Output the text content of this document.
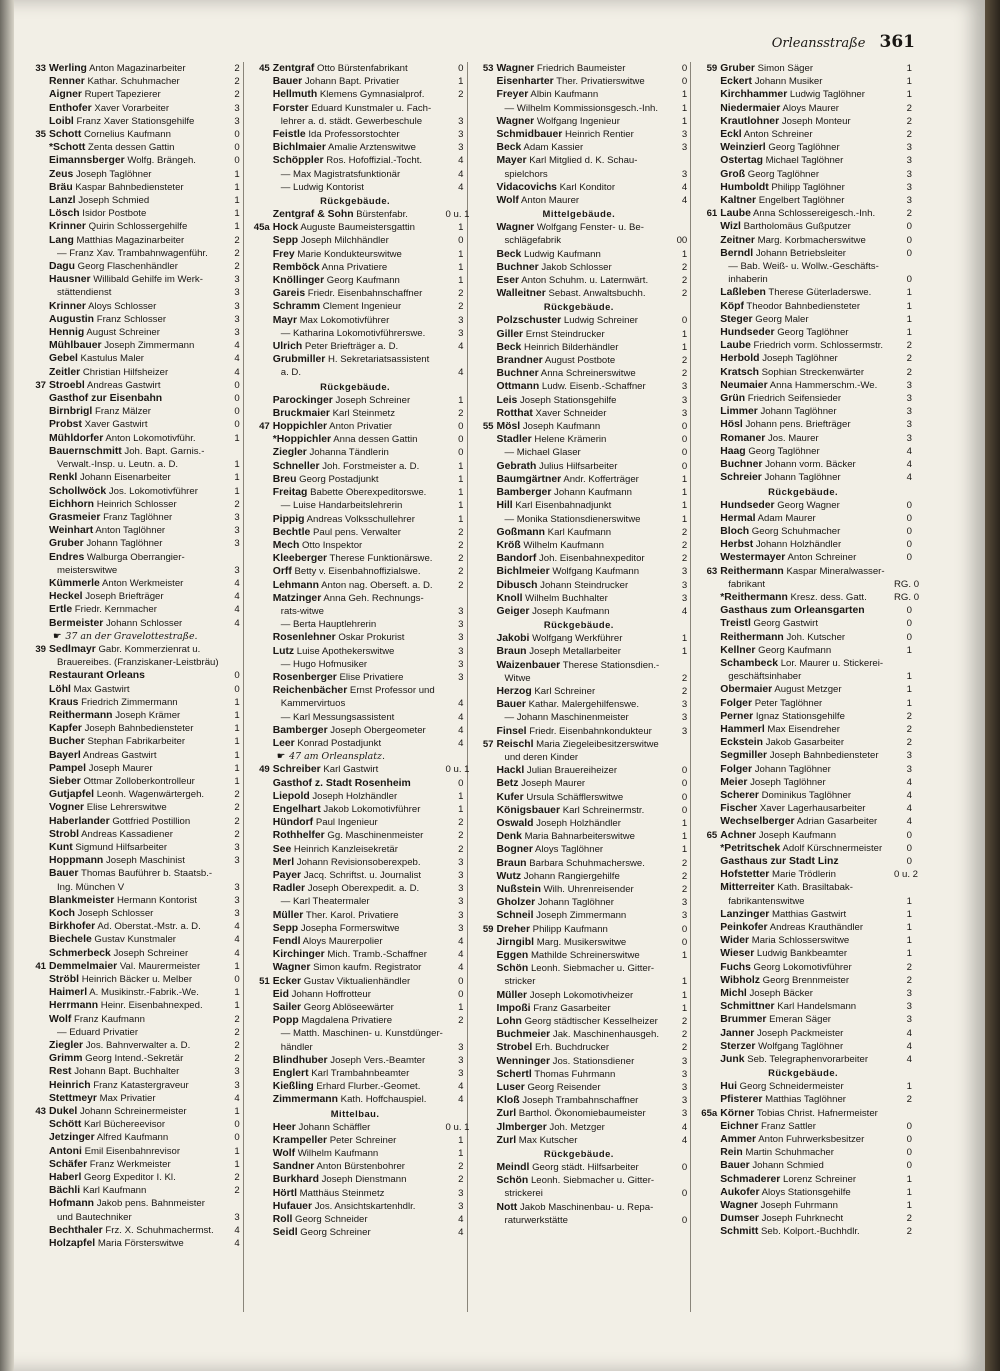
Orleansstraße 361
33 Werling Anton Magazinarbeiter	2
Renner Kathar. Schuhmacher	2
Aigner Rupert Tapezierer	2
Enthofer Xaver Vorarbeiter	3
Loibl Franz Xaver Stationsgehilfe	3
35 Schott Cornelius Kaufmann	0
*Schott Zenta dessen Gattin	0
Eimannsberger Wolfg. Brängeh.	0
Zeus Joseph Taglöhner	1
Bräu Kaspar Bahnbediensteter	1
Lanzl Joseph Schmied	1
Lösch Isidor Postbote	1
Krinner Quirin Schlossergehilfe	1
Lang Matthias Magazinarbeiter	2
— Franz Xav. Trambahnwagenführ.	2
Dagu Georg Flaschenhändler	2
Hausner Willibald Gehilfe im Werk-	3
stättendienst	3
Krinner Aloys Schlosser	3
Augustin Franz Schlosser	3
Hennig August Schreiner	3
Mühlbauer Joseph Zimmermann	4
Gebel Kastulus Maler	4
Zeitler Christian Hilfsheizer	4
37 Stroebl Andreas Gastwirt	0
Gasthof zur Eisenbahn	0
Birnbrigl Franz Mälzer	0
Probst Xaver Gastwirt	0
Mühldorfer Anton Lokomotivführ.	1
Bauernschmitt Joh. Bapt. Garnis.-
Verwalt.-Insp. u. Leutn. a. D.	1
Renkl Johann Eisenarbeiter	1
Schollwöck Jos. Lokomotivführer	1
Eichhorn Heinrich Schlosser	2
Grasmeier Franz Taglöhner	3
Weinhart Anton Taglöhner	3
Gruber Johann Taglöhner	3
Endres Walburga Oberrangier-
meisterswitwe	3
Kümmerle Anton Werkmeister	4
Heckel Joseph Briefträger	4
Ertle Friedr. Kernmacher	4
Bermeister Johann Schlosser	4
☛ 37 an der Gravelottestraße.
39 Sedlmayr Gabr. Kommerzienrat u.
Brauereibes. (Franziskaner-Leistbräu)
Restaurant Orleans	0
Löhl Max Gastwirt	0
Kraus Friedrich Zimmermann	1
Reithermann Joseph Krämer	1
Kapfer Joseph Bahnbediensteter	1
Bucher Stephan Fabrikarbeiter	1
Bayerl Andreas Gastwirt	1
Pampel Joseph Maurer	1
Sieber Ottmar Zolloberkontrolleur	1
Gutjapfel Leonh. Wagenwärtergeh.	2
Vogner Elise Lehrerswitwe	2
Haberlander Gottfried Postillion	2
Strobl Andreas Kassadiener	2
Kunt Sigmund Hilfsarbeiter	3
Hoppmann Joseph Maschinist	3
Bauer Thomas Bauführer b. Staatsb.-
Ing. München V	3
Blankmeister Hermann Kontorist	3
Koch Joseph Schlosser	3
Birkhofer Ad. Oberstat.-Mstr. a. D.	4
Biechele Gustav Kunstmaler	4
Schmerbeck Joseph Schreiner	4
41 Demmelmaier Val. Maurermeister	1
Ströbl Heinrich Bäcker u. Melber	0
Haimerl A. Musikinstr.-Fabrik.-We.	1
Herrmann Heinr. Eisenbahnexped.	1
Wolf Franz Kaufmann	2
— Eduard Privatier	2
Ziegler Jos. Bahnverwalter a. D.	2
Grimm Georg Intend.-Sekretär	2
Rest Johann Bapt. Buchhalter	3
Heinrich Franz Katastergraveur	3
Stettmeyr Max Privatier	4
43 Dukel Johann Schreinermeister	1
Schött Karl Büchereevisor	0
Jetzinger Alfred Kaufmann	0
Antoni Emil Eisenbahnrevisor	1
Schäfer Franz Werkmeister	1
Haberl Georg Expeditor I. Kl.	2
Bächli Karl Kaufmann	2
Hofmann Jakob pens. Bahnmeister
und Bautechniker	3
Bechthaler Frz. X. Schuhmachermst.	4
Holzapfel Maria Försterswitwe	4
45 Zentgraf Otto Bürstenfabrikant	0
Bauer Johann Bapt. Privatier	1
Hellmuth Klemens Gymnasialprof.	2
Forster Eduard Kunstmaler u. Fach-
lehrer a. d. städt. Gewerbeschule	3
Feistle Ida Professorstochter	3
Bichlmaier Amalie Arztenswitwe	3
Schöppler Ros. Hofoffizial.-Tocht.	4
— Max Magistratsfunktionär	4
— Ludwig Kontorist	4
Rückgebäude.
Zentgraf & Sohn Bürstenfabr.	0 u. 1
45a Hock Auguste Baumeistersgattin	1
Sepp Joseph Milchhändler	0
Frey Marie Kondukteurswitwe	1
Remböck Anna Privatiere	1
Knöllinger Georg Kaufmann	1
Gareis Friedr. Eisenbahnschaffner	2
Schramm Clement Ingenieur	2
Mayr Max Lokomotivführer	3
— Katharina Lokomotivführerswe.	3
Ulrich Peter Briefträger a. D.	4
Grubmiller H. Sekretariatsassistent
a. D.	4
Rückgebäude.
Parockinger Joseph Schreiner	1
Bruckmaier Karl Steinmetz	2
47 Hoppichler Anton Privatier	0
*Hoppichler Anna dessen Gattin	0
Ziegler Johanna Tändlerin	0
Schneller Joh. Forstmeister a. D.	1
Breu Georg Postadjunkt	1
Freitag Babette Oberexpeditorswe.	1
— Luise Handarbeitslehrerin	1
Pippig Andreas Volksschullehrer	1
Bechtle Paul pens. Verwalter	2
Mech Otto Inspektor	2
Kleeberger Therese Funktionärswe.	2
Orff Betty v. Eisenbahnoffizialswe.	2
Lehmann Anton nag. Oberseft. a. D.	2
Matzinger Anna Geh. Rechnungs-
rats-witwe	3
— Berta Hauptlehrerin	3
Rosenlehner Oskar Prokurist	3
Lutz Luise Apothekerswitwe	3
— Hugo Hofmusiker	3
Rosenberger Elise Privatiere	3
Reichenbächer Ernst Professor und
Kammervirtuos	4
— Karl Messungsassistent	4
Bamberger Joseph Obergeometer	4
Leer Konrad Postadjunkt	4
☛ 47 am Orleansplatz.
49 Schreiber Karl Gastwirt	0 u. 1
Gasthof z. Stadt Rosenheim	0
Liepold Joseph Holzhändler	1
Engelhart Jakob Lokomotivführer	1
Hündorf Paul Ingenieur	2
Rothhelfer Gg. Maschinenmeister	2
See Heinrich Kanzleisekretär	2
Merl Johann Revisionsoberexpeb.	3
Payer Jacq. Schriftst. u. Journalist	3
Radler Joseph Oberexpedit. a. D.	3
— Karl Theatermaler	3
Müller Ther. Karol. Privatiere	3
Sepp Josepha Formerswitwe	3
Fendl Aloys Maurerpolier	4
Kirchinger Mich. Tramb.-Schaffner	4
Wagner Simon kaufm. Registrator	4
51 Ecker Gustav Viktualienhändler	0
Eid Johann Hoffrotteur	0
Sailer Georg Ablöseewärter	1
Popp Magdalena Privatiere	2
— Matth. Maschinen- u. Kunstdünger-
händler	3
Blindhuber Joseph Vers.-Beamter	3
Englert Karl Trambahnbeamter	3
Kießling Erhard Flurber.-Geomet.	4
Zimmermann Kath. Hoffchauspiel.	4
Mittelbau.
Heer Johann Schäffler	0 u. 1
Krampeller Peter Schreiner	1
Wolf Wilhelm Kaufmann	1
Sandner Anton Bürstenbohrer	2
Burkhard Joseph Dienstmann	2
Hörtl Matthäus Steinmetz	3
Hufauer Jos. Ansichtskartenhdlr.	3
Roll Georg Schneider	4
Seidl Georg Schreiner	4
53 Wagner Friedrich Baumeister	0
Eisenharter Ther. Privatierswitwe	0
Freyer Albin Kaufmann	1
— Wilhelm Kommissionsgesch.-Inh.	1
Wagner Wolfgang Ingenieur	1
Schmidbauer Heinrich Rentier	3
Beck Adam Kassier	3
Mayer Karl Mitglied d. K. Schau-
spielchors	3
Vidacovichs Karl Konditor	4
Wolf Anton Maurer	4
Mittelgebäude.
Wagner Wolfgang Fenster- u. Be-
schlägefabrik	00
Beck Ludwig Kaufmann	1
Buchner Jakob Schlosser	2
Eser Anton Schuhm. u. Laternwärt.	2
Walleitner Sebast. Anwaltsbuchh.	2
Rückgebäude.
Polzschuster Ludwig Schreiner	0
Giller Ernst Steindrucker	1
Beck Heinrich Bilderhändler	1
Brandner August Postbote	2
Buchner Anna Schreinerswitwe	2
Ottmann Ludw. Eisenb.-Schaffner	3
Leis Joseph Stationsgehilfe	3
Rotthat Xaver Schneider	3
55 Mösl Joseph Kaufmann	0
Stadler Helene Krämerin	0
— Michael Glaser	0
Gebrath Julius Hilfsarbeiter	0
Baumgärtner Andr. Kofferträger	1
Bamberger Johann Kaufmann	1
Hill Karl Eisenbahnadjunkt	1
— Monika Stationsdienerswitwe	1
Goßmann Karl Kaufmann	2
Kröß Wilhelm Kaufmann	2
Bandorf Joh. Eisenbahnexpeditor	2
Bichlmeier Wolfgang Kaufmann	3
Dibusch Johann Steindrucker	3
Knoll Wilhelm Buchhalter	3
Geiger Joseph Kaufmann	4
Rückgebäude.
Jakobi Wolfgang Werkführer	1
Braun Joseph Metallarbeiter	1
Waizenbauer Therese Stationsdien.-
Witwe	2
Herzog Karl Schreiner	2
Bauer Kathar. Malergehilfenswe.	3
— Johann Maschinenmeister	3
Finsel Friedr. Eisenbahnkondukteur	3
57 Reischl Maria Ziegeleibesitzerswitwe
und deren Kinder
Hackl Julian Brauereiheizer	0
Betz Joseph Maurer	0
Kufer Ursula Schäfflerswitwe	0
Königsbauer Karl Schreinermstr.	0
Oswald Joseph Holzhändler	1
Denk Maria Bahnarbeiterswitwe	1
Bogner Aloys Taglöhner	1
Braun Barbara Schuhmacherswe.	2
Wutz Johann Rangiergehilfe	2
Nußstein Wilh. Uhrenreisender	2
Gholzer Johann Taglöhner	3
Schneil Joseph Zimmermann	3
59 Dreher Philipp Kaufmann	0
Jirngibl Marg. Musikerswitwe	0
Eggen Mathilde Schreinerswitwe	1
Schön Leonh. Siebmacher u. Gitter-
stricker	1
Müller Joseph Lokomotivheizer	1
Impoßi Franz Gasarbeiter	1
Lohn Georg städtischer Kesselheizer	2
Buchmeier Jak. Maschinenhausgeh.	2
Strobel Erh. Buchdrucker	2
Wenninger Jos. Stationsdiener	3
Schertl Thomas Fuhrmann	3
Luser Georg Reisender	3
Kloß Joseph Trambahnschaffner	3
Zurl Barthol. Ökonomiebaumeister	3
Jlmberger Joh. Metzger	4
Zurl Max Kutscher	4
Rückgebäude.
Meindl Georg städt. Hilfsarbeiter	0
Schön Leonh. Siebmacher u. Gitter-
strickerei	0
Nott Jakob Maschinenbau- u. Repa-
raturwerkstätte	0
59 Gruber Simon Säger	1
Eckert Johann Musiker	1
Kirchhammer Ludwig Taglöhner	1
Niedermaier Aloys Maurer	2
Krautlohner Joseph Monteur	2
Eckl Anton Schreiner	2
Weinzierl Georg Taglöhner	3
Ostertag Michael Taglöhner	3
Groß Georg Taglöhner	3
Humboldt Philipp Taglöhner	3
Kaltner Engelbert Taglöhner	3
61 Laube Anna Schlossereigesch.-Inh.	2
Wizl Bartholomäus Gußputzer	0
Zeitner Marg. Korbmacherswitwe	0
Berndl Johann Betriebsleiter	0
— Bab. Weiß- u. Wollw.-Geschäfts-
inhaberin	0
Laßleben Therese Güterladerswe.	1
Köpf Theodor Bahnbediensteter	1
Steger Georg Maler	1
Hundseder Georg Taglöhner	1
Laube Friedrich vorm. Schlossermstr.	2
Herbold Joseph Taglöhner	2
Kratsch Sophian Streckenwärter	2
Neumaier Anna Hammerschm.-We.	3
Grün Friedrich Seifensieder	3
Limmer Johann Taglöhner	3
Hösl Johann pens. Briefträger	3
Romaner Jos. Maurer	3
Haag Georg Taglöhner	4
Buchner Johann vorm. Bäcker	4
Schreier Johann Taglöhner	4
Rückgebäude.
Hundseder Georg Wagner	0
Hermal Adam Maurer	0
Bloch Georg Schuhmacher	0
Herbst Johann Holzhändler	0
Westermayer Anton Schreiner	0
63 Reithermann Kaspar Mineralwasser-
fabrikant	RG. 0
*Reithermann Kresz. dess. Gatt.	RG. 0
Gasthaus zum Orleansgarten	0
Treistl Georg Gastwirt	0
Reithermann Joh. Kutscher	0
Kellner Georg Kaufmann	1
Schambeck Lor. Maurer u. Stickerei-
geschäftsinhaber	1
Obermaier August Metzger	1
Folger Peter Taglöhner	1
Perner Ignaz Stationsgehilfe	2
Hammerl Max Eisendreher	2
Eckstein Jakob Gasarbeiter	2
Segmiller Joseph Bahnbediensteter	3
Folger Johann Taglöhner	3
Meier Joseph Taglöhner	4
Scherer Dominikus Taglöhner	4
Fischer Xaver Lagerhausarbeiter	4
Wechselberger Adrian Gasarbeiter	4
65 Achner Joseph Kaufmann	0
*Petritschek Adolf Kürschnermeister	0
Gasthaus zur Stadt Linz	0
Hofstetter Marie Trödlerin	0 u. 2
Mitterreiter Kath. Brasiltabak-
fabrikantenswitwe	1
Lanzinger Matthias Gastwirt	1
Peinkofer Andreas Krauthändler	1
Wider Maria Schlosserswitwe	1
Wieser Ludwig Bankbeamter	1
Fuchs Georg Lokomotivführer	2
Wibholz Georg Brennmeister	2
Michl Joseph Bäcker	3
Schmittner Karl Handelsmann	3
Brummer Emeran Säger	3
Janner Joseph Packmeister	4
Sterzer Wolfgang Taglöhner	4
Junk Seb. Telegraphenvorarbeiter	4
Rückgebäude.
Hui Georg Schneidermeister	1
Pfisterer Matthias Taglöhner	2
65a Körner Tobias Christ. Hafnermeister
Eichner Franz Sattler	0
Ammer Anton Fuhrwerksbesitzer	0
Rein Martin Schuhmacher	0
Bauer Johann Schmied	0
Schmaderer Lorenz Schreiner	1
Aukofer Aloys Stationsgehilfe	1
Wagner Joseph Fuhrmann	1
Dumser Joseph Fuhrknecht	2
Schmitt Seb. Kolport.-Buchhdlr.	2
